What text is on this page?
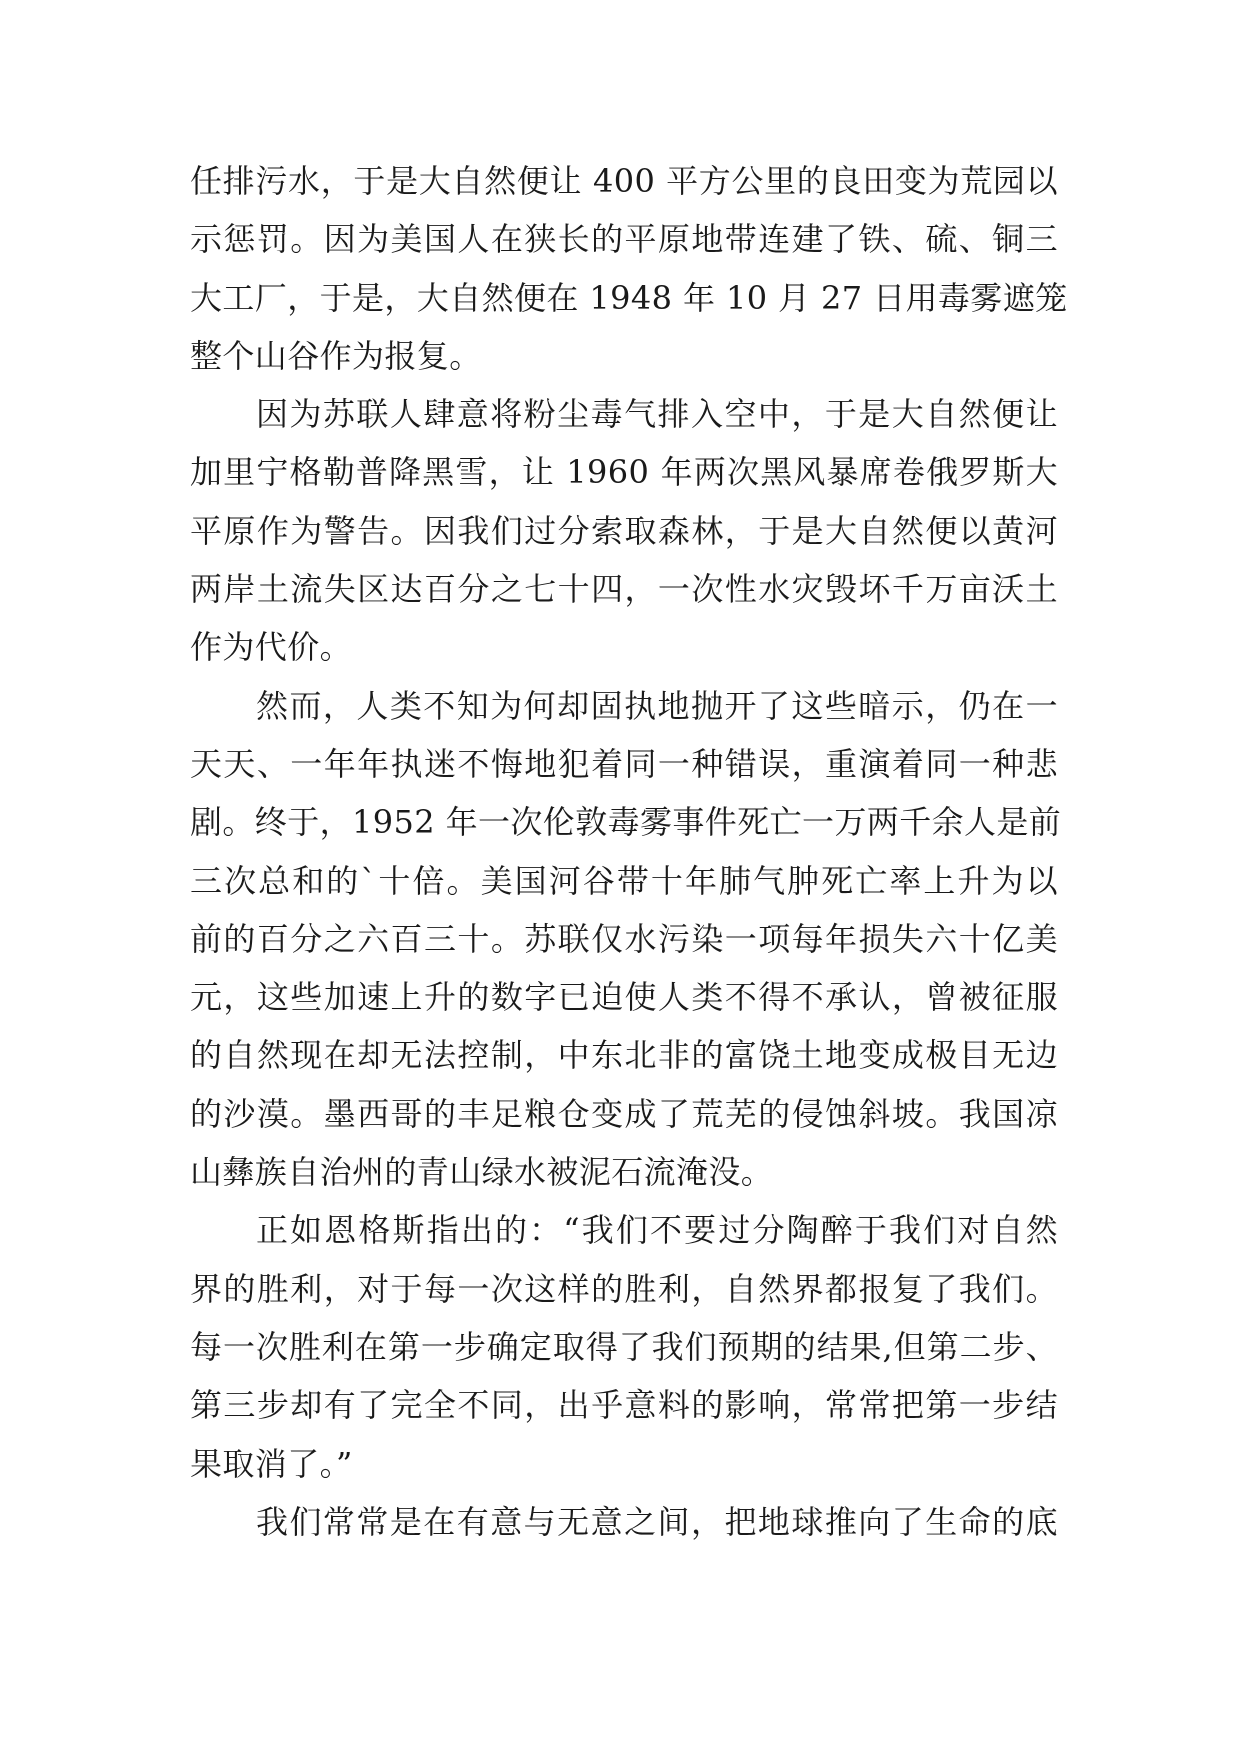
任排污水，于是大自然便让 400 平方公里的良田变为荒园以
示惩罚。因为美国人在狭长的平原地带连建了铁、硫、铜三
大工厂，于是，大自然便在 1948 年 10 月 27 日用毒雾遮笼
整个山谷作为报复。
因为苏联人肆意将粉尘毒气排入空中，于是大自然便让
加里宁格勒普降黑雪，让 1960 年两次黑风暴席卷俄罗斯大
平原作为警告。因我们过分索取森林，于是大自然便以黄河
两岸土流失区达百分之七十四，一次性水灾毁坏千万亩沃土
作为代价。
然而，人类不知为何却固执地抛开了这些暗示，仍在一
天天、一年年执迷不悔地犯着同一种错误，重演着同一种悲
剧。终于，1952 年一次伦敦毒雾事件死亡一万两千余人是前
三次总和的`十倍。美国河谷带十年肺气肿死亡率上升为以
前的百分之六百三十。苏联仅水污染一项每年损失六十亿美
元，这些加速上升的数字已迫使人类不得不承认，曾被征服
的自然现在却无法控制，中东北非的富饶土地变成极目无边
的沙漠。墨西哥的丰足粮仓变成了荒芜的侵蚀斜坡。我国凉
山彝族自治州的青山绿水被泥石流淹没。
正如恩格斯指出的：“我们不要过分陶醉于我们对自然
界的胜利，对于每一次这样的胜利，自然界都报复了我们。
每一次胜利在第一步确定取得了我们预期的结果,但第二步、
第三步却有了完全不同，出乎意料的影响，常常把第一步结
果取消了。”
我们常常是在有意与无意之间，把地球推向了生命的底
